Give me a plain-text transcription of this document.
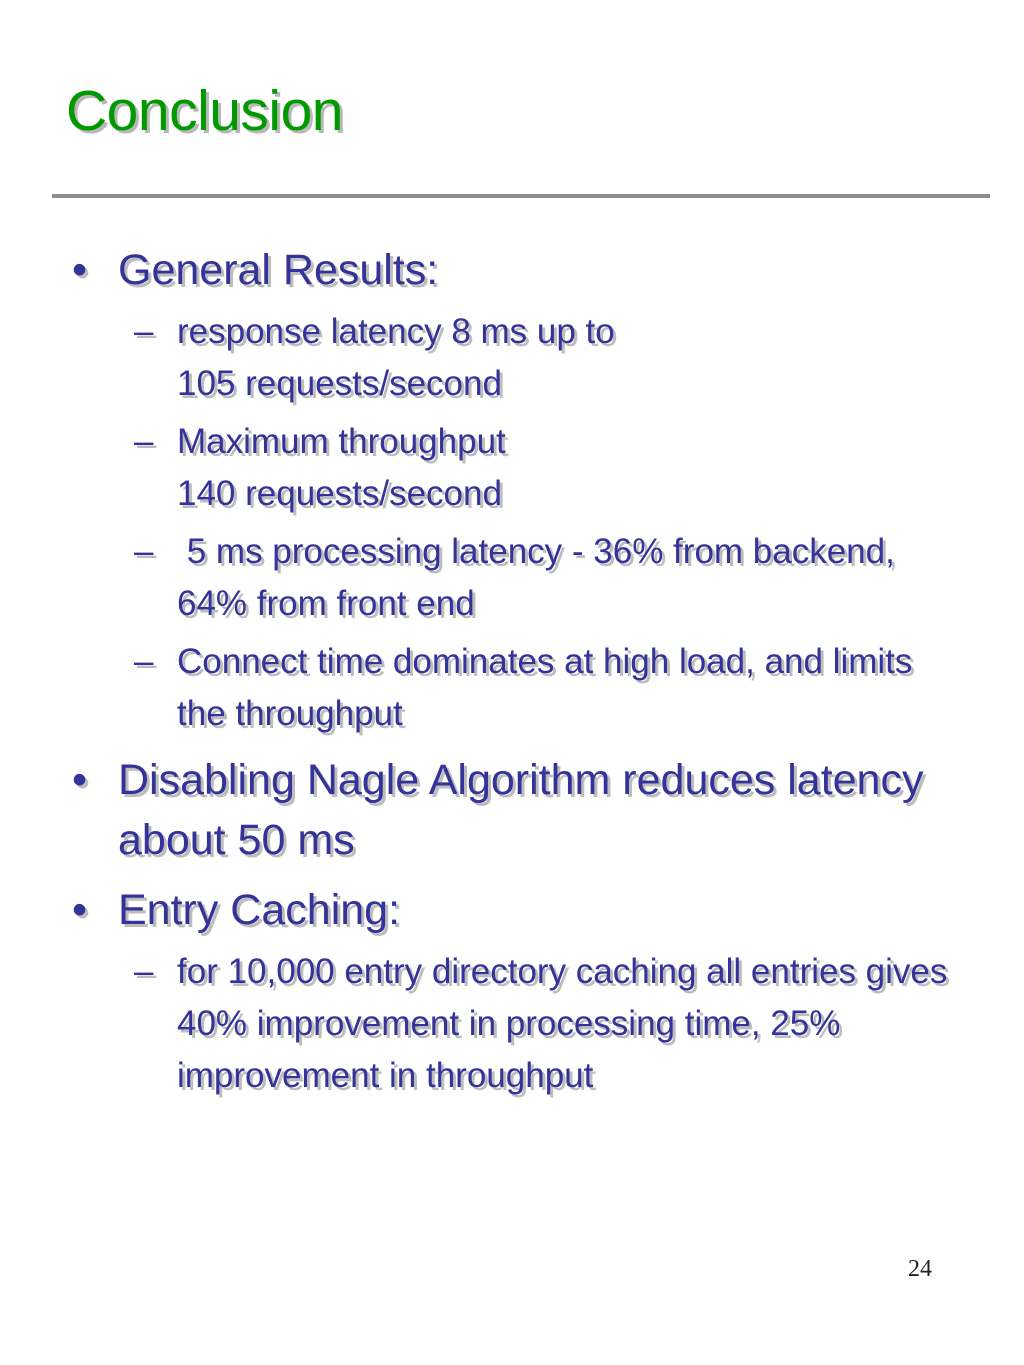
Conclusion
• General Results:
– response latency 8 ms up to
105 requests/second
– Maximum throughput
140 requests/second
– 5 ms processing latency - 36% from backend, 64% from front end
– Connect time dominates at high load, and limits the throughput
• Disabling Nagle Algorithm reduces latency about 50 ms
• Entry Caching:
– for 10,000 entry directory caching all entries gives 40% improvement in processing time, 25% improvement in throughput
24
